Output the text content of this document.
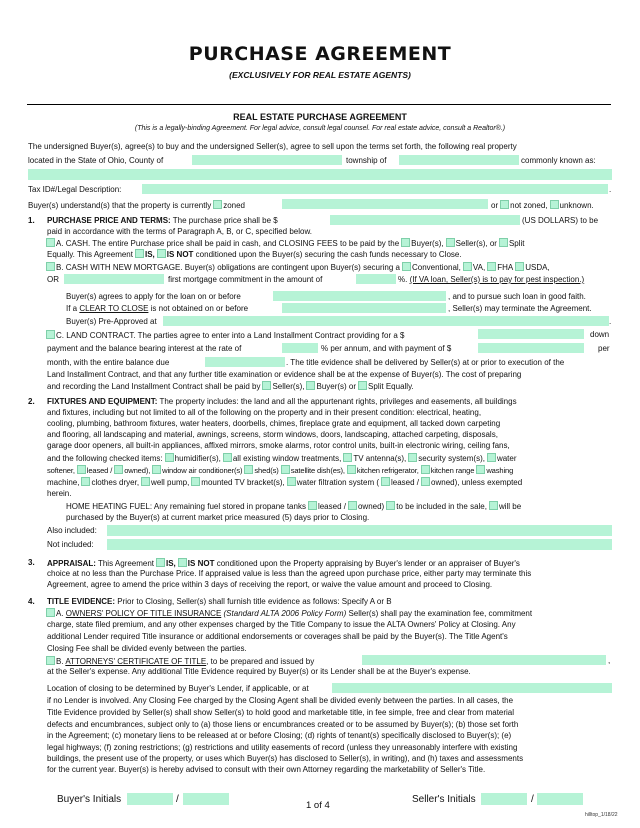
PURCHASE AGREEMENT
(EXCLUSIVELY FOR REAL ESTATE AGENTS)
REAL ESTATE PURCHASE AGREEMENT
(This is a legally-binding Agreement. For legal advice, consult legal counsel. For real estate advice, consult a Realtor®.)
The undersigned Buyer(s), agree(s) to buy and the undersigned Seller(s), agree to sell upon the terms set forth, the following real property
located in the State of Ohio, County of	township of	commonly known as:
Tax ID#/Legal Description:	.
Buyer(s) understand(s) that the property is currently zoned	or not zoned, unknown.
1. PURCHASE PRICE AND TERMS: The purchase price shall be $	(US DOLLARS) to be
paid in accordance with the terms of Paragraph A, B, or C, specified below.
A. CASH. The entire Purchase price shall be paid in cash, and CLOSING FEES to be paid by the Buyer(s), Seller(s), or Split
Equally. This Agreement IS, IS NOT conditioned upon the Buyer(s) securing the cash funds necessary to Close.
B. CASH WITH NEW MORTGAGE. Buyer(s) obligations are contingent upon Buyer(s) securing a Conventional, VA, FHA USDA,
OR	first mortgage commitment in the amount of	%. (If VA loan, Seller(s) is to pay for pest inspection.)
Buyer(s) agrees to apply for the loan on or before	, and to pursue such loan in good faith.
If a CLEAR TO CLOSE is not obtained on or before	, Seller(s) may terminate the Agreement.
Buyer(s) Pre-Approved at	.
C. LAND CONTRACT. The parties agree to enter into a Land Installment Contract providing for a $	down
payment and the balance bearing interest at the rate of	% per annum, and with payment of $	per
month, with the entire balance due	. The title evidence shall be delivered by Seller(s) at or prior to execution of the
Land Installment Contract, and that any further title examination or evidence shall be at the expense of Buyer(s). The cost of preparing
and recording the Land Installment Contract shall be paid by Seller(s), Buyer(s) or Split Equally.
2. FIXTURES AND EQUIPMENT: The property includes: the land and all the appurtenant rights, privileges and easements, all buildings
and fixtures, including but not limited to all of the following on the property and in their present condition: electrical, heating,
cooling, plumbing, bathroom fixtures, water heaters, doorbells, chimes, fireplace grate and equipment, all tacked down carpeting
and flooring, all landscaping and material, awnings, screens, storm windows, doors, landscaping, attached carpeting, disposals,
garage door openers, all built-in appliances, affixed mirrors, smoke alarms, rotor control units, built-in electronic wiring, ceiling fans,
and the following checked items: humidifier(s), all existing window treatments, TV antenna(s), security system(s), water
softener, leased / owned), window air conditioner(s) shed(s) satellite dish(es), kitchen refrigerator, kitchen range washing
machine, clothes dryer, well pump, mounted TV bracket(s), water filtration system ( leased / owned), unless exempted
herein.
HOME HEATING FUEL: Any remaining fuel stored in propane tanks leased / owned) to be included in the sale, will be
purchased by the Buyer(s) at current market price measured (5) days prior to Closing.
Also included:
Not included:
3. APPRAISAL: This Agreement IS, IS NOT conditioned upon the Property appraising by Buyer's lender or an appraiser of Buyer's
choice at no less than the Purchase Price. If appraised value is less than the agreed upon purchase price, either party may terminate this
Agreement, agree to amend the price within 3 days of receiving the report, or waive the value amount and proceed to Closing.
4. TITLE EVIDENCE: Prior to Closing, Seller(s) shall furnish title evidence as follows: Specify A or B
A. OWNERS' POLICY OF TITLE INSURANCE (Standard ALTA 2006 Policy Form) Seller(s) shall pay the examination fee, commitment
charge, state filed premium, and any other expenses charged by the Title Company to issue the ALTA Owners' Policy at Closing. Any
additional Lender required Title insurance or additional endorsements or coverages shall be paid by the Buyer(s). The Title Agent's
Closing Fee shall be divided evenly between the parties.
B. ATTORNEYS' CERTIFICATE OF TITLE, to be prepared and issued by	,
at the Seller's expense. Any additional Title Evidence required by Buyer(s) or its Lender shall be at the Buyer's expense.
Location of closing to be determined by Buyer's Lender, if applicable, or at
if no Lender is involved. Any Closing Fee charged by the Closing Agent shall be divided evenly between the parties. In all cases, the
Title Evidence provided by Seller(s) shall show Seller(s) to hold good and marketable title, in fee simple, free and clear from material
defects and encumbrances, subject only to (a) those liens or encumbrances created or to be assumed by Buyer(s); (b) those set forth
in the Agreement; (c) monetary liens to be released at or before Closing; (d) rights of tenant(s) specifically disclosed to Buyer(s); (e)
legal highways; (f) zoning restrictions; (g) restrictions and utility easements of record (unless they unreasonably interfere with existing
buildings, the present use of the property, or uses which Buyer(s) has disclosed to Seller(s), in writing), and (h) taxes and assessments
for the current year. Buyer(s) is hereby advised to consult with their own Attorney regarding the marketability of Seller's Title.
Buyer's Initials	/
1 of 4
Seller's Initials	/
hilltop_1/18/22
